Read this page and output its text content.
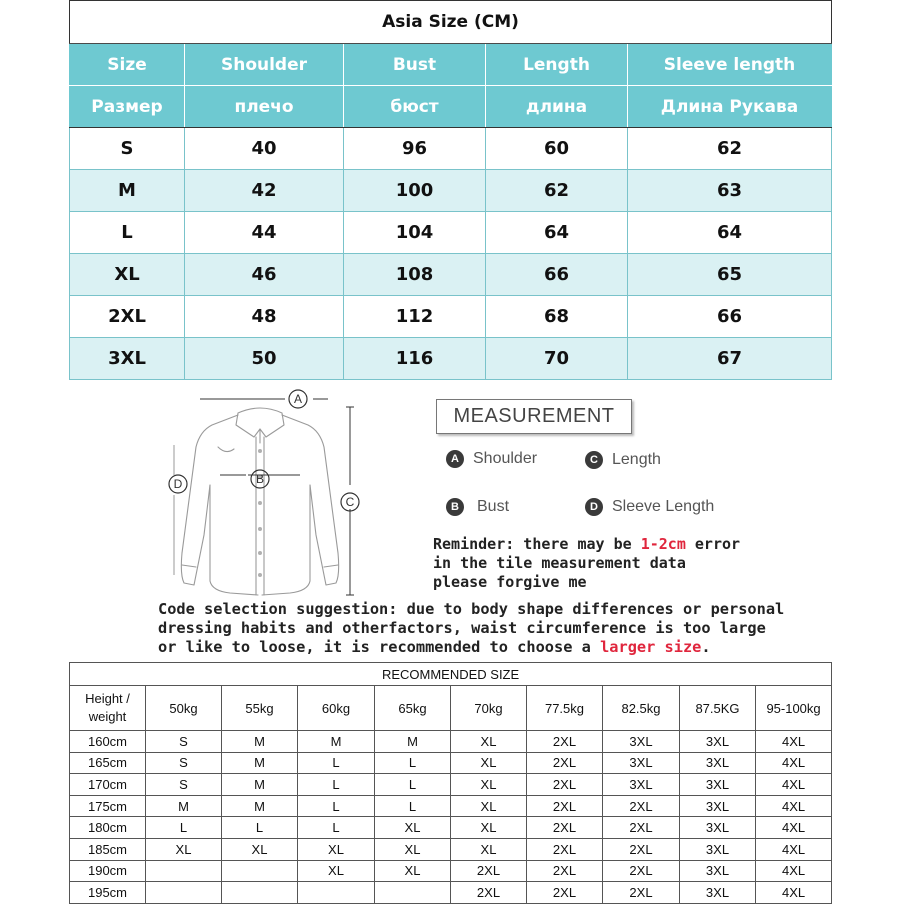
Asia Size (CM)				
Size	Shoulder	Bust	Length	Sleeve length
Размер	плечо	бюст	длина	Длина Рукава
S	40	96	60	62
M	42	100	62	63
L	44	104	64	64
XL	46	108	66	65
2XL	48	112	68	66
3XL	50	116	70	67
A
B
C
D
MEASUREMENT
A Shoulder	C Length
B	Bust	D Sleeve Length
Reminder: there may be 1-2cm error
in the tile measurement data
please forgive me
Code selection suggestion: due to body shape differences or personal
dressing habits and otherfactors, waist circumference is too large
or like to loose, it is recommended to choose a larger size.
RECOMMENDED SIZE									
Height /
weight	50kg	55kg	60kg	65kg	70kg	77.5kg	82.5kg	87.5KG	95-100kg
160cm	S	M	M	M	XL	2XL	3XL	3XL	4XL
165cm	S	M	L	L	XL	2XL	3XL	3XL	4XL
170cm	S	M	L	L	XL	2XL	3XL	3XL	4XL
175cm	M	M	L	L	XL	2XL	2XL	3XL	4XL
180cm	L	L	L	XL	XL	2XL	2XL	3XL	4XL
185cm	XL	XL	XL	XL	XL	2XL	2XL	3XL	4XL
190cm			XL	XL	2XL	2XL	2XL	3XL	4XL
195cm					2XL	2XL	2XL	3XL	4XL
